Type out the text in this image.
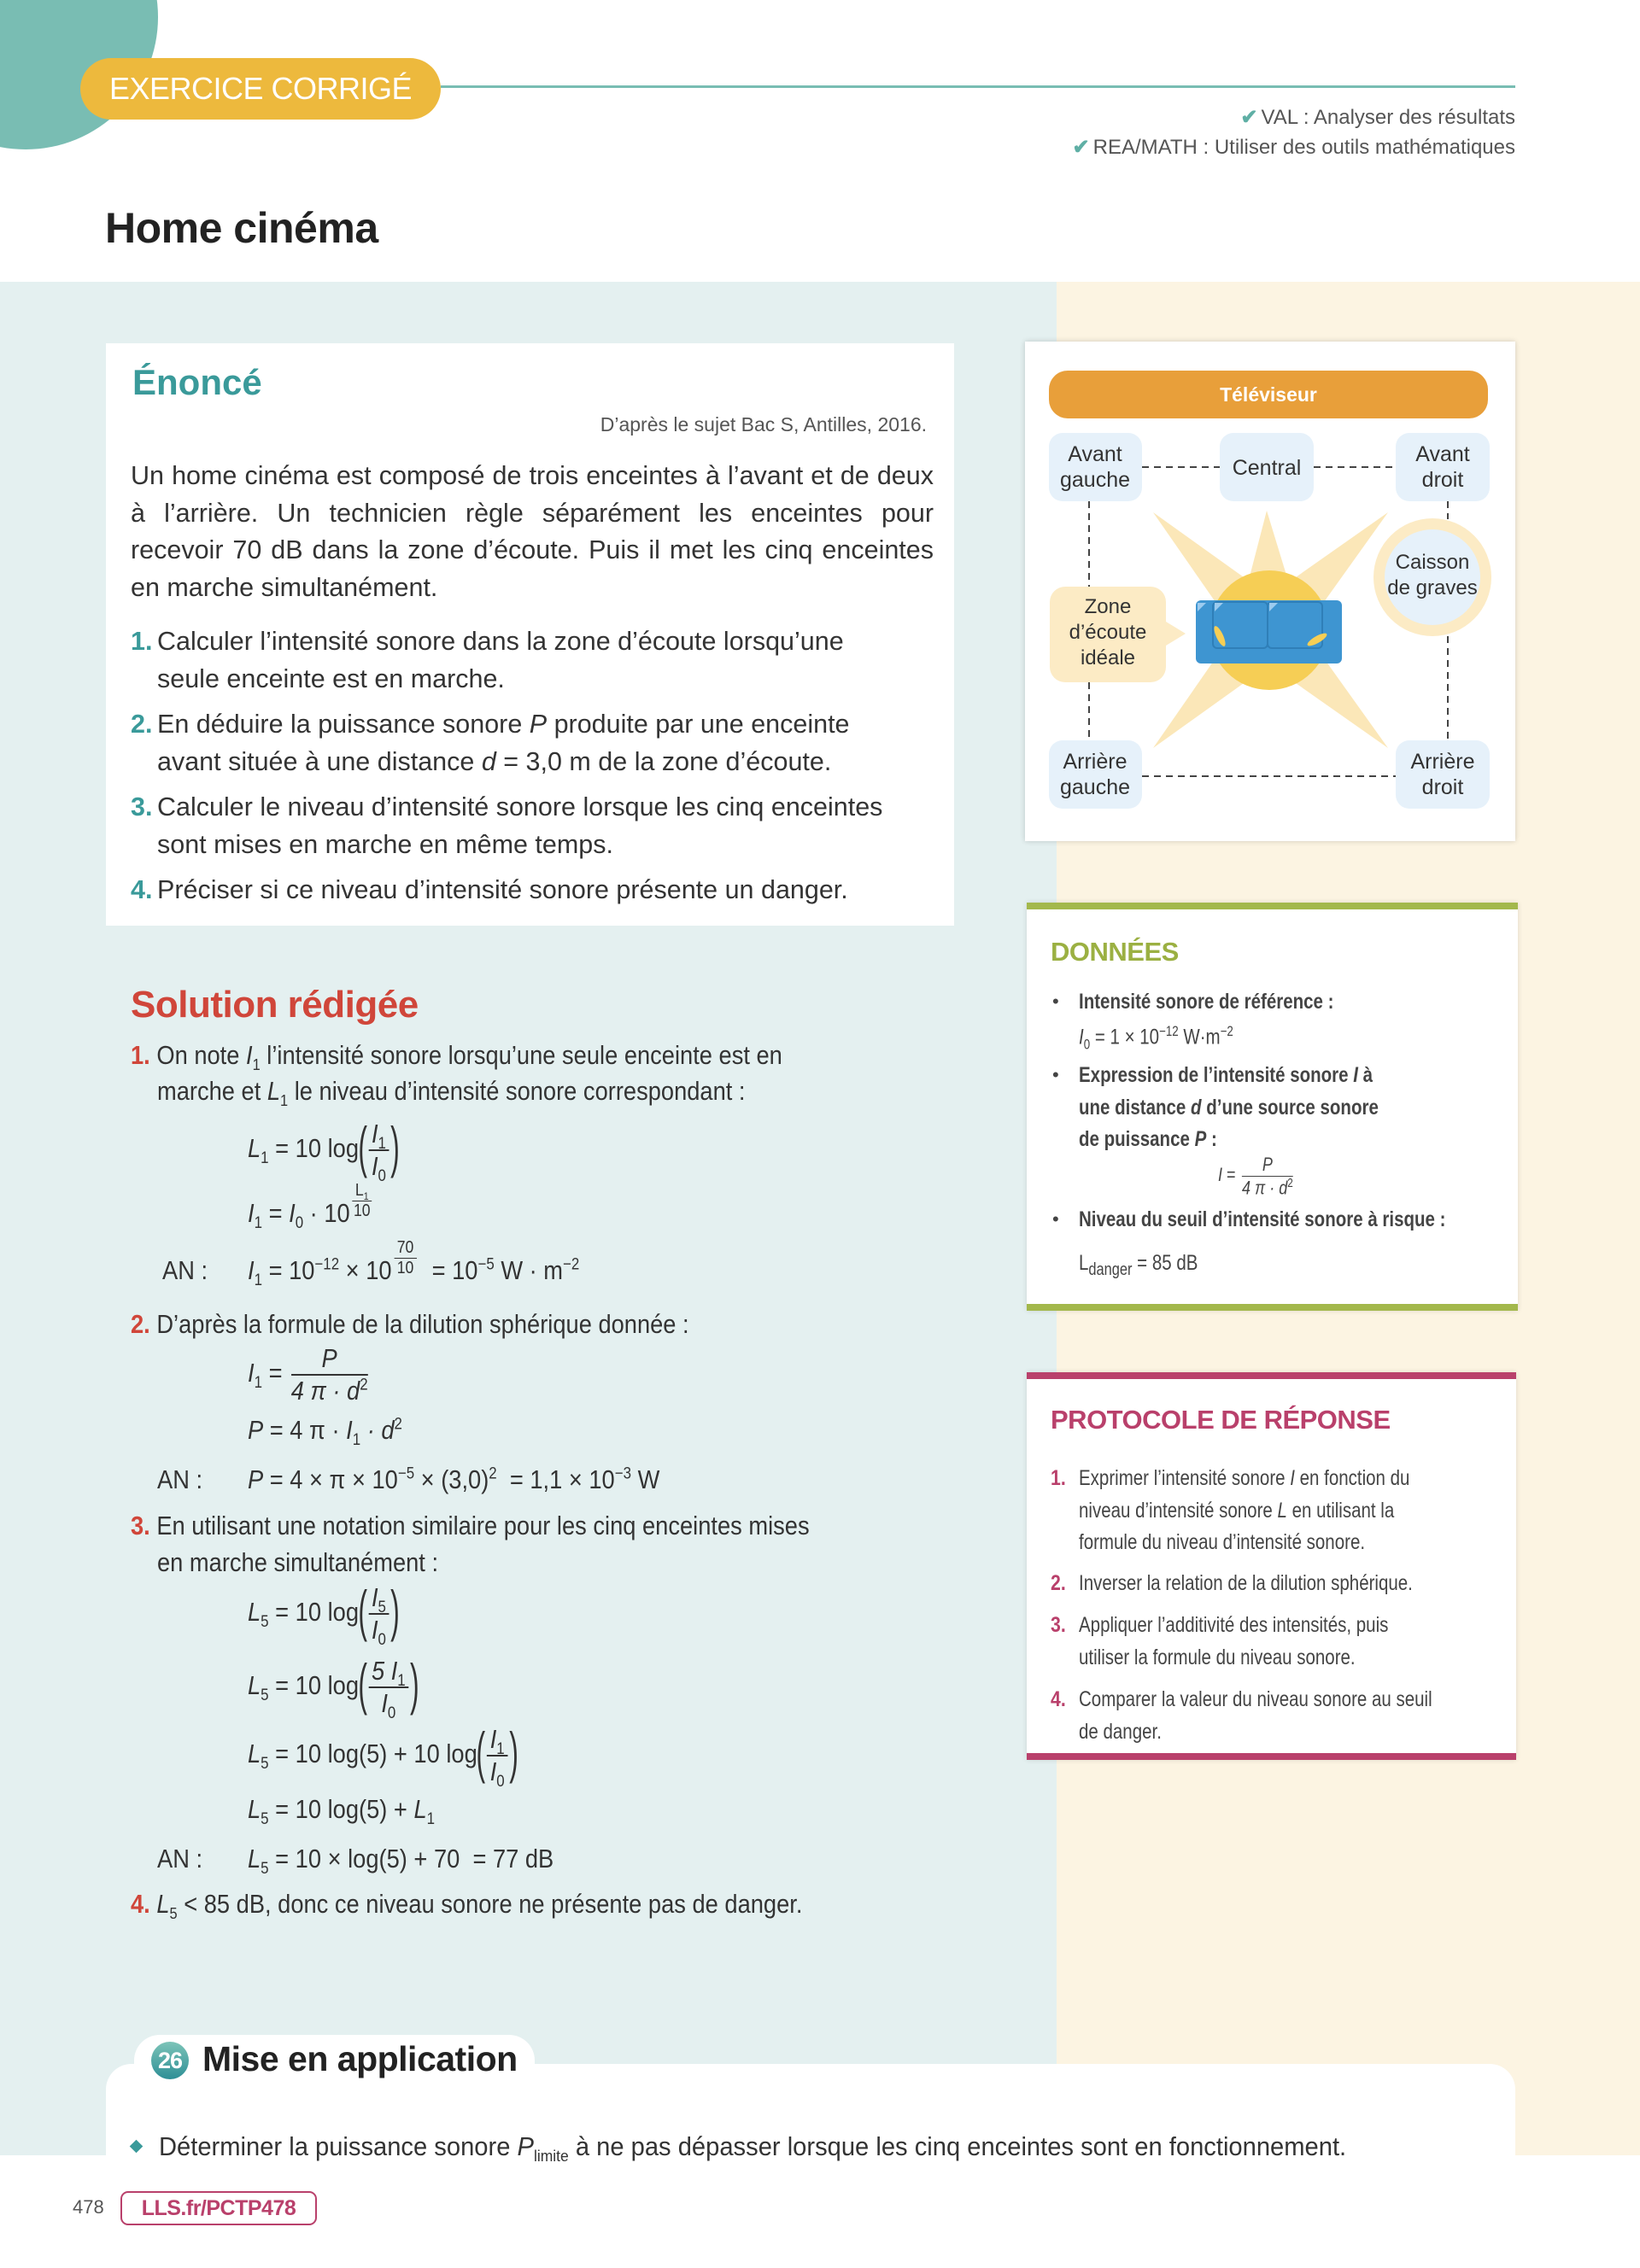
EXERCICE CORRIGÉ
✔ VAL : Analyser des résultats
✔ REA/MATH : Utiliser des outils mathématiques
Home cinéma
Énoncé
D’après le sujet Bac S, Antilles, 2016.

Un home cinéma est composé de trois enceintes à l’avant et de deux à l’arrière. Un technicien règle séparément les enceintes pour recevoir 70 dB dans la zone d’écoute. Puis il met les cinq enceintes en marche simultanément.

1. Calculer l’intensité sonore dans la zone d’écoute lorsqu’une seule enceinte est en marche.
2. En déduire la puissance sonore P produite par une enceinte avant située à une distance d = 3,0 m de la zone d’écoute.
3. Calculer le niveau d’intensité sonore lorsque les cinq enceintes sont mises en marche en même temps.
4. Préciser si ce niveau d’intensité sonore présente un danger.
Solution rédigée
1. On note $I_1$ l’intensité sonore lorsqu’une seule enceinte est en
marche et $L_1$ le niveau d’intensité sonore correspondant :
$L_1 = 10$ $\log( \frac{I_1}{I_0}$ )
$I_1 = I_0 \cdot 10 \frac{L_1}{10}$
AN : $I_1 = 10^{-12} \times 10 \frac{70}{10} = 10^{-5}$ $W \cdot m^{-2}$
2. D’après la formule de la dilution sphérique donnée :
$I_1 = \frac{P}{4 \pi \cdot d^2}$
P = 4 $\pi \cdot I_1 \cdot d^2$
AN : $P = 4 \times \pi \times 10^{-5} \times (3,0)^2 = 1,1 \times 10^{-3}$ W
3. En utilisant une notation similaire pour les cinq enceintes mises
en marche simultanément :
$L_5 = 10$ $\log( \frac{I_5}{I_0}$ )
$L_5 = 10$ $\log( \frac{5 I_1}{I_0}$ )
$L_5 = 10$ log(5) + 10 $\log( \frac{I_1}{I_0}$ )
$L_5 = 10$ $\log(5) + L_1$
AN : $L_5 = 10 \times \log(5) + 70 = 77$ dB
4. $L_5 < 85$ dB, donc ce niveau sonore ne présente pas de danger.
Téléviseur
Avant
gauche	Central
Avant
droit
Caisson
de graves
Zone
d’écoute
idéale
Arrière
gauche
Arrière
droit
DONNÉES
• Intensité sonore de référence :
$I_0 = 1 \times 10^{-12}$ $W\cdot m^{-2}$
• Expression de l’intensité sonore I à
une distance d d’une source sonore
de puissance P :
$I = \frac{P}{4 \pi \cdot d^2}$
• Niveau du seuil d’intensité sonore à risque :
$L_{danger} = 85$ dB
PROTOCOLE DE RÉPONSE
1. Exprimer l’intensité sonore I en fonction du
niveau d’intensité sonore L en utilisant la
formule du niveau d’intensité sonore.
2. Inverser la relation de la dilution sphérique.
3. Appliquer l’additivité des intensités, puis
utiliser la formule du niveau sonore.
4. Comparer la valeur du niveau sonore au seuil
de danger.
26 Mise en application
Déterminer la puissance sonore $P_{limite}$ à ne pas dépasser lorsque les cinq enceintes sont en fonctionnement.
478	LLS.fr/PCTP478
